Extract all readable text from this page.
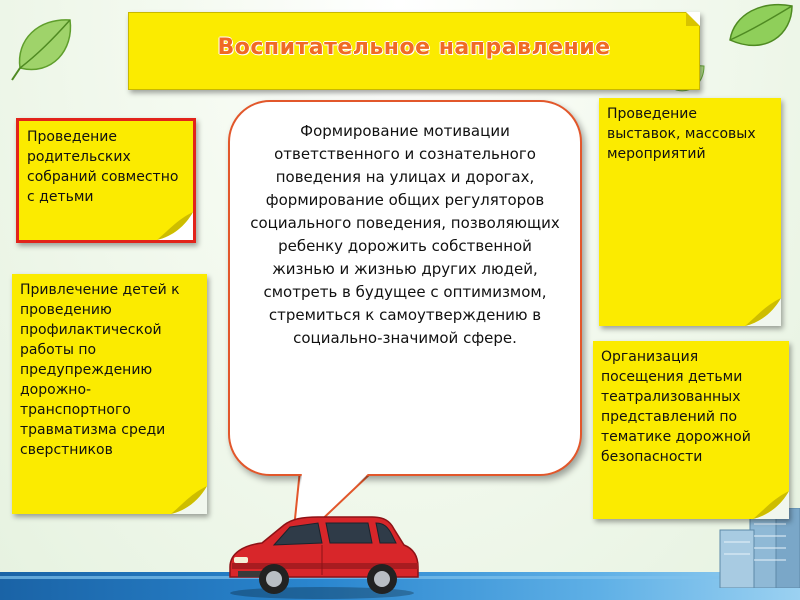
Воспитательное направление
Проведение родительских собраний совместно с детьми
Привлечение детей к проведению профилактической работы по предупреждению дорожно-транспортного травматизма среди сверстников
Проведение выставок, массовых мероприятий
Организация посещения детьми театрализованных представлений по тематике дорожной безопасности
Формирование мотивации ответственного и сознательного поведения на улицах и дорогах, формирование общих регуляторов социального поведения, позволяющих ребенку дорожить собственной жизнью и жизнью других людей, смотреть в будущее с оптимизмом, стремиться к самоутверждению в социально-значимой сфере.
